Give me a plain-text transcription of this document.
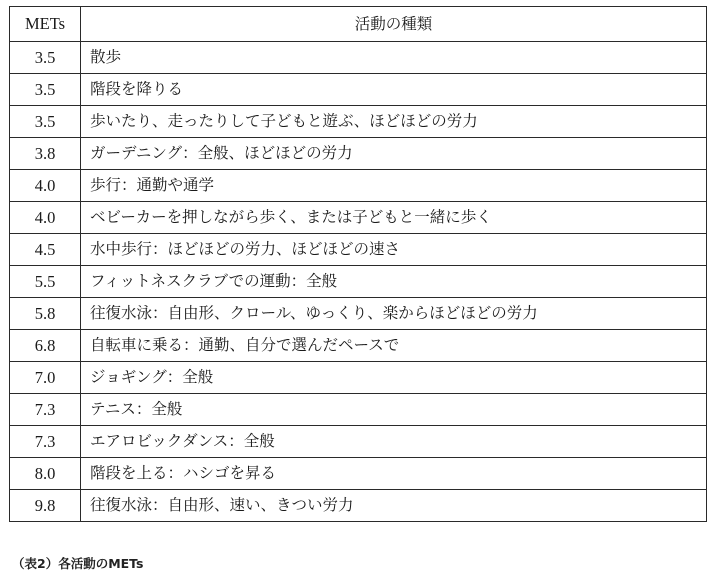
METs	活動の種類
3.5	散歩
3.5	階段を降りる
3.5	歩いたり、走ったりして子どもと遊ぶ、ほどほどの労力
3.8	ガーデニング：全般、ほどほどの労力
4.0	歩行：通勤や通学
4.0	ベビーカーを押しながら歩く、または子どもと一緒に歩く
4.5	水中歩行：ほどほどの労力、ほどほどの速さ
5.5	フィットネスクラブでの運動：全般
5.8	往復水泳：自由形、クロール、ゆっくり、楽からほどほどの労力
6.8	自転車に乗る：通勤、自分で選んだペースで
7.0	ジョギング：全般
7.3	テニス：全般
7.3	エアロビックダンス：全般
8.0	階段を上る：ハシゴを昇る
9.8	往復水泳：自由形、速い、きつい労力
（表2）各活動のMETs
